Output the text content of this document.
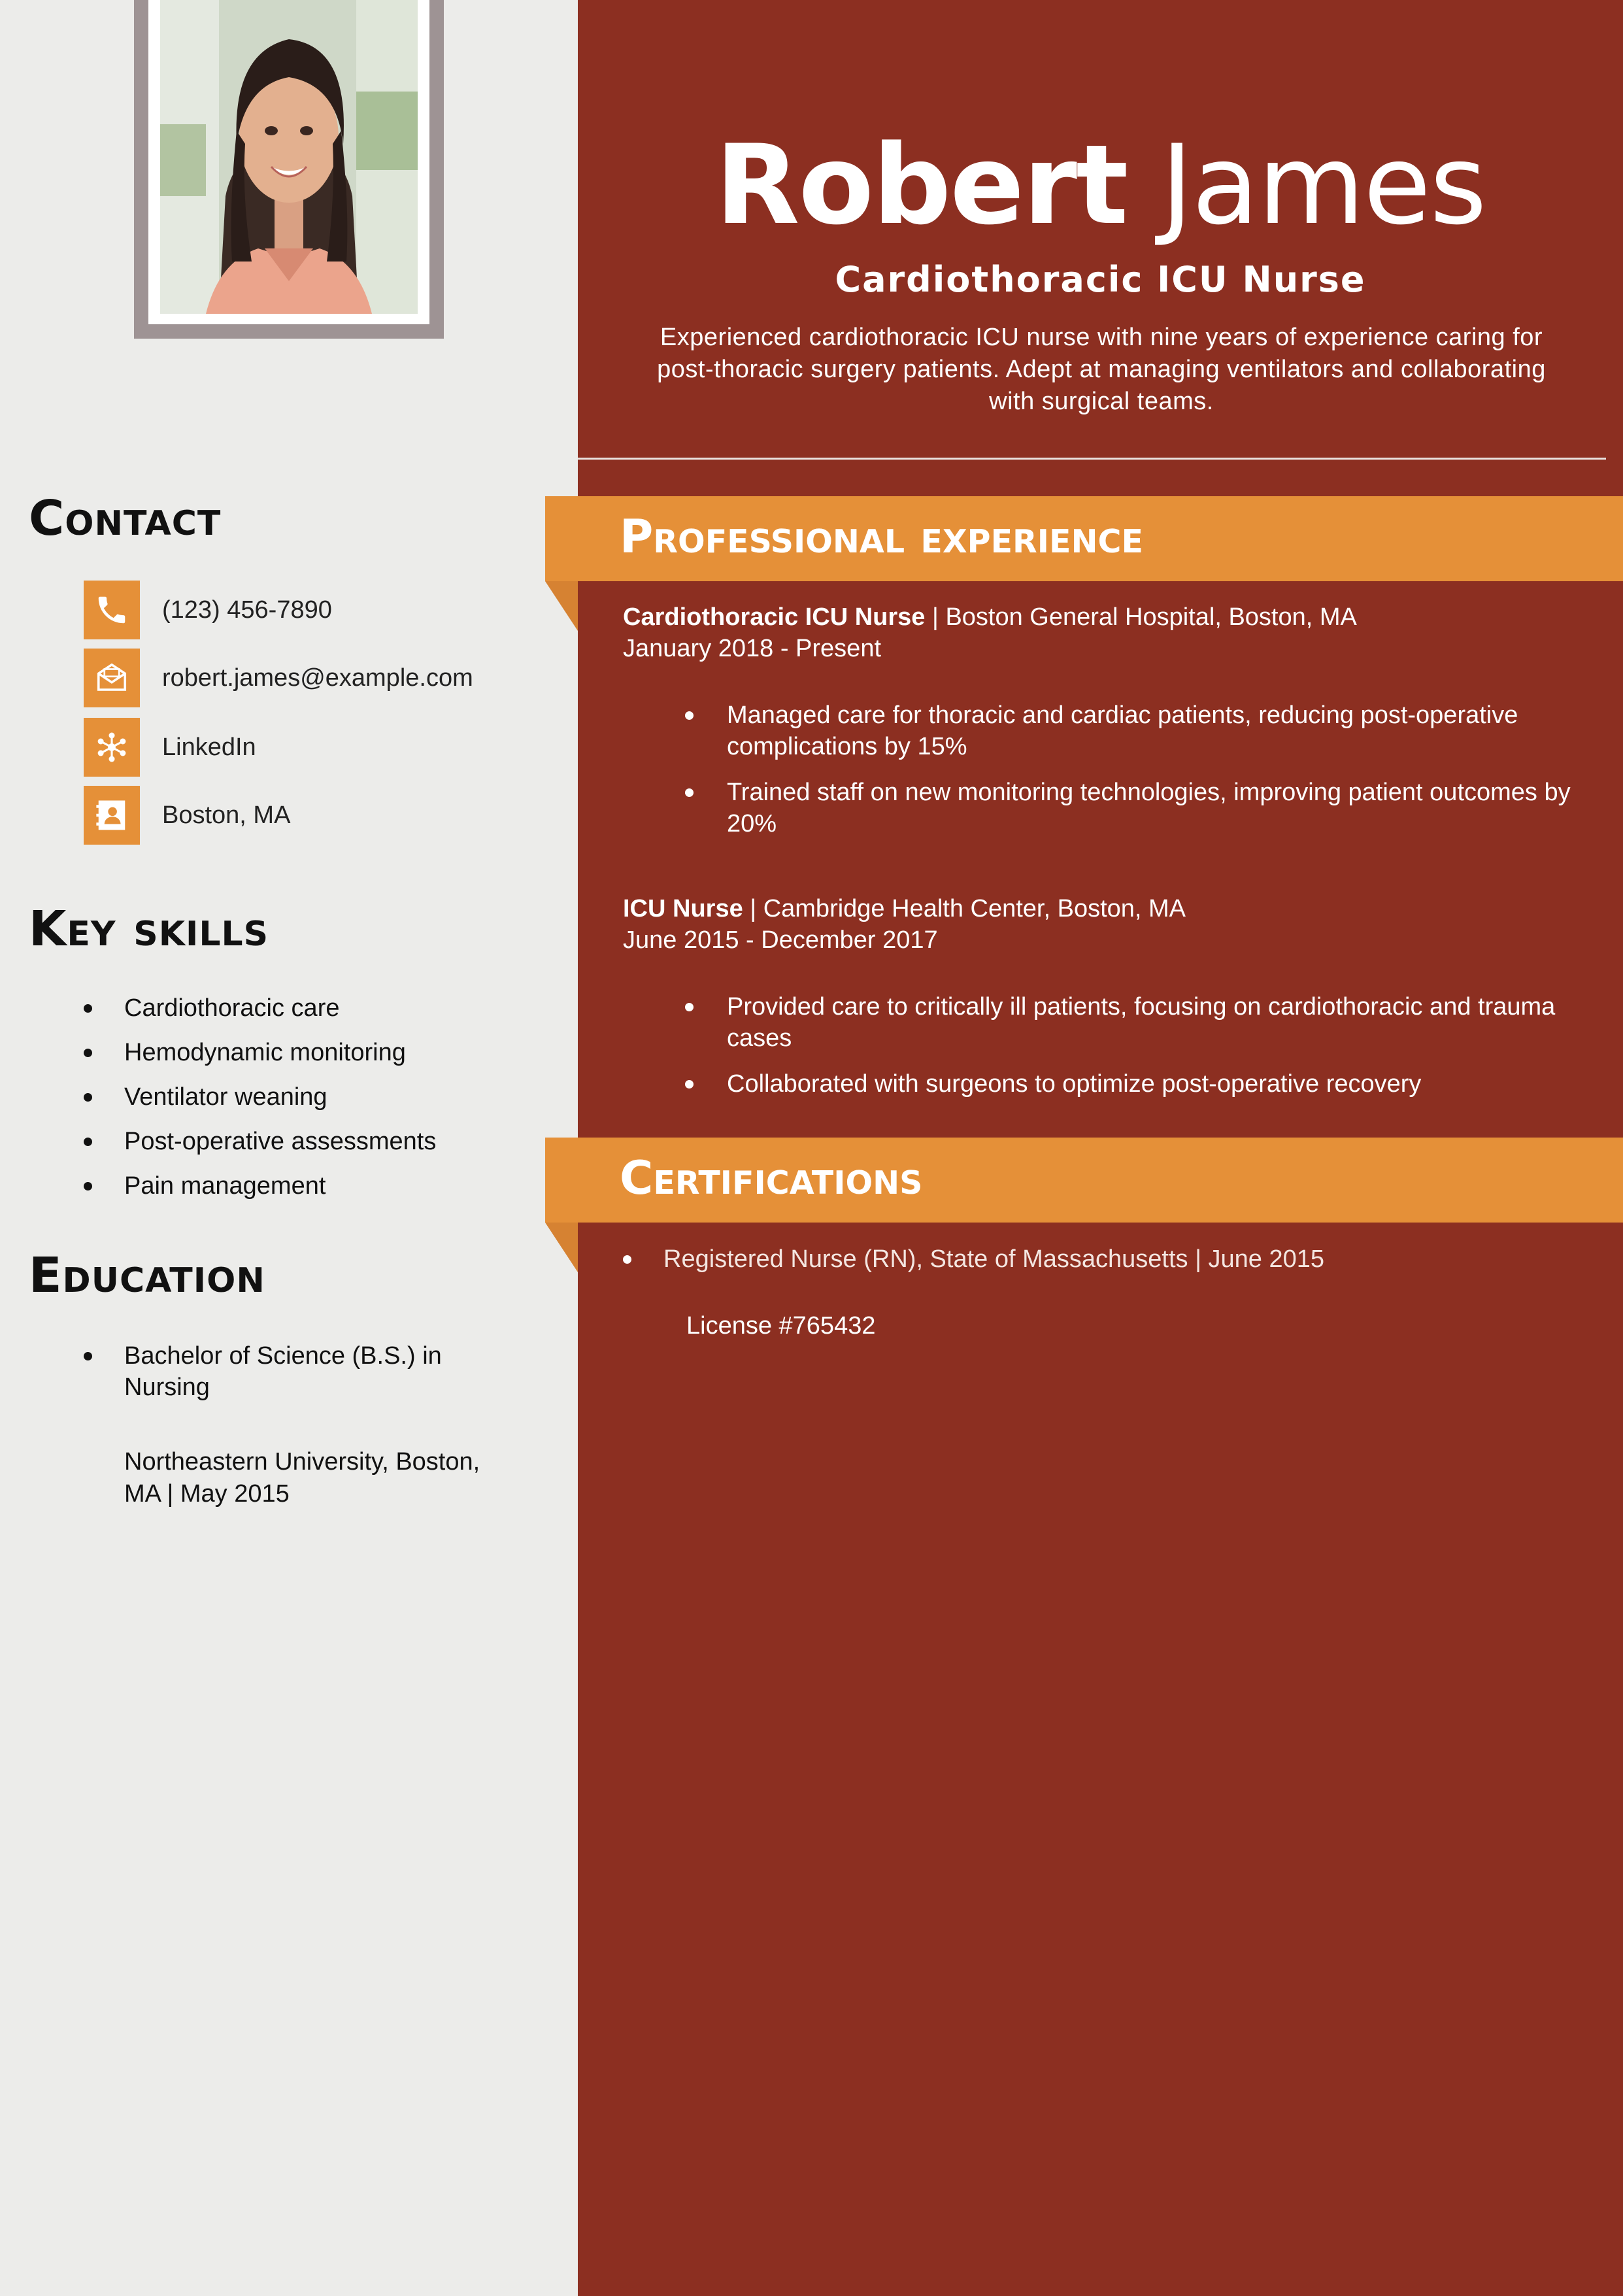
Contact
(123) 456-7890
robert.james@example.com
LinkedIn
Boston, MA
Key skills
Cardiothoracic care
Hemodynamic monitoring
Ventilator weaning
Post-operative assessments
Pain management
Education
Bachelor of Science (B.S.) in Nursing
Northeastern University, Boston, MA | May 2015
Robert James
Cardiothoracic ICU Nurse
Experienced cardiothoracic ICU nurse with nine years of experience caring for post-thoracic surgery patients. Adept at managing ventilators and collaborating with surgical teams.
Professional experience
Cardiothoracic ICU Nurse | Boston General Hospital, Boston, MA
January 2018 - Present
Managed care for thoracic and cardiac patients, reducing post-operative complications by 15%
Trained staff on new monitoring technologies, improving patient outcomes by 20%
ICU Nurse | Cambridge Health Center, Boston, MA
June 2015 - December 2017
Provided care to critically ill patients, focusing on cardiothoracic and trauma cases
Collaborated with surgeons to optimize post-operative recovery
Certifications
Registered Nurse (RN), State of Massachusetts | June 2015
License #765432
